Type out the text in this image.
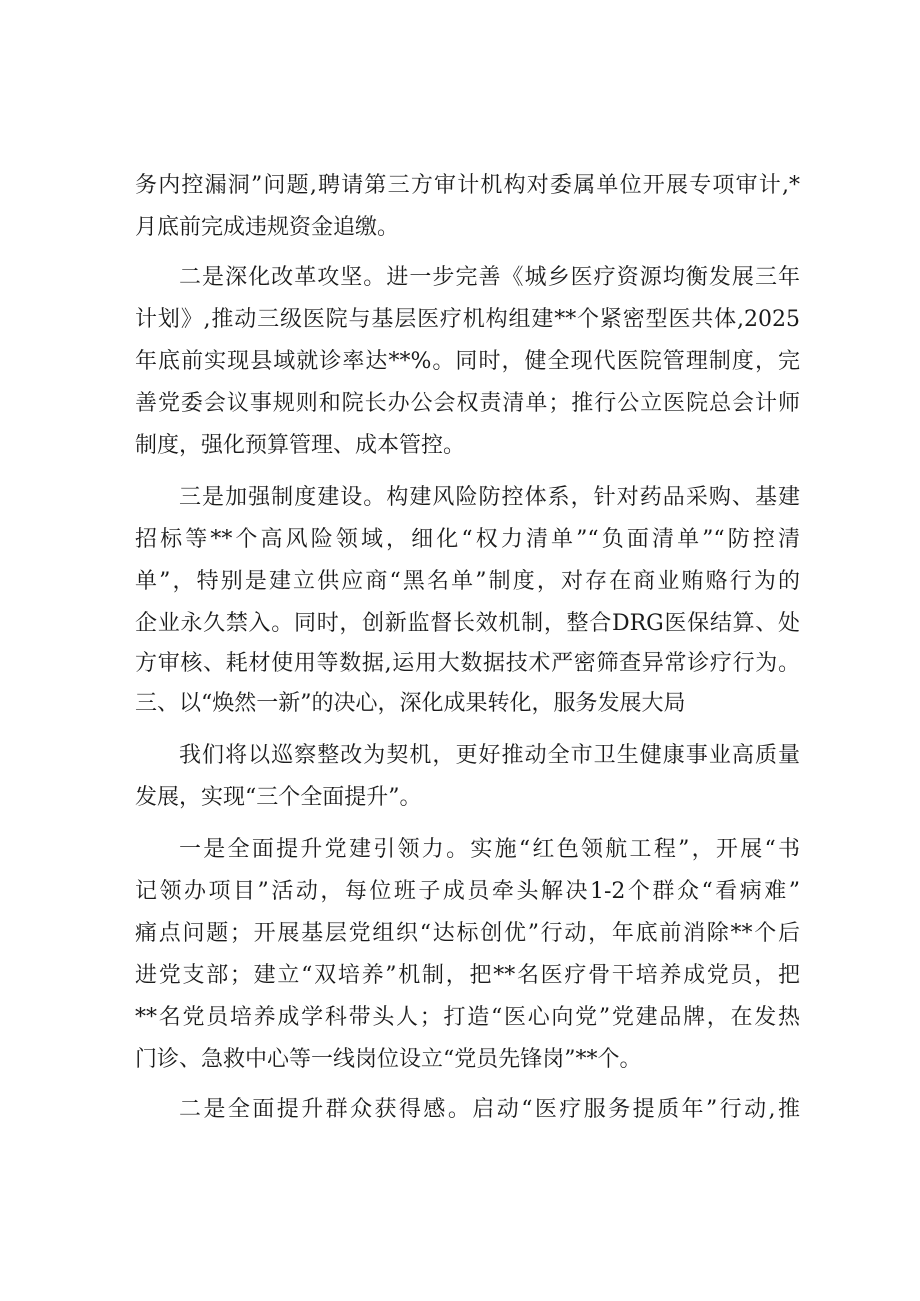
务内控漏洞”问题,聘请第三方审计机构对委属单位开展专项审计,*

月底前完成违规资金追缴。

二是深化改革攻坚。进一步完善《城乡医疗资源均衡发展三年

计划》,推动三级医院与基层医疗机构组建**个紧密型医共体,2025

年底前实现县域就诊率达**%。同时，健全现代医院管理制度，完

善党委会议事规则和院长办公会权责清单；推行公立医院总会计师

制度，强化预算管理、成本管控。

三是加强制度建设。构建风险防控体系，针对药品采购、基建

招标等**个高风险领域，细化“权力清单”“负面清单”“防控清

单”，特别是建立供应商“黑名单”制度，对存在商业贿赂行为的

企业永久禁入。同时，创新监督长效机制，整合DRG医保结算、处

方审核、耗材使用等数据,运用大数据技术严密筛查异常诊疗行为。

三、以“焕然一新”的决心，深化成果转化，服务发展大局

我们将以巡察整改为契机，更好推动全市卫生健康事业高质量

发展，实现“三个全面提升”。

一是全面提升党建引领力。实施“红色领航工程”，开展“书

记领办项目”活动，每位班子成员牵头解决1-2个群众“看病难”

痛点问题；开展基层党组织“达标创优”行动，年底前消除**个后

进党支部；建立“双培养”机制，把**名医疗骨干培养成党员，把

**名党员培养成学科带头人；打造“医心向党”党建品牌，在发热

门诊、急救中心等一线岗位设立“党员先锋岗”**个。

二是全面提升群众获得感。启动“医疗服务提质年”行动,推
